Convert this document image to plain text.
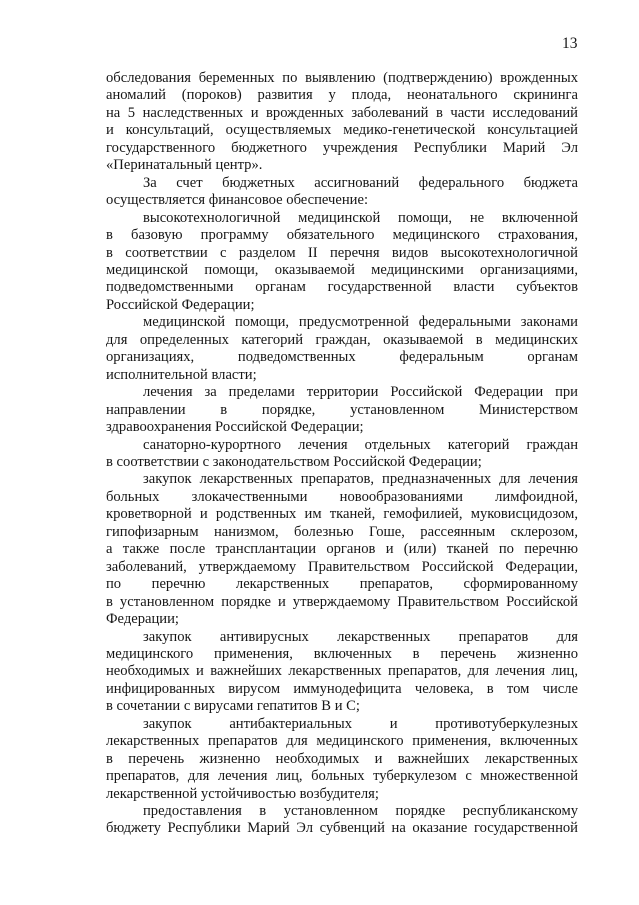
13
обследования беременных по выявлению (подтверждению) врожденных
аномалий (пороков) развития у плода, неонатального скрининга
на 5 наследственных и врожденных заболеваний в части исследований
и консультаций, осуществляемых медико-генетической консультацией
государственного бюджетного учреждения Республики Марий Эл
«Перинатальный центр».
За счет бюджетных ассигнований федерального бюджета
осуществляется финансовое обеспечение:
высокотехнологичной медицинской помощи, не включенной
в базовую программу обязательного медицинского страхования,
в соответствии с разделом II перечня видов высокотехнологичной
медицинской помощи, оказываемой медицинскими организациями,
подведомственными органам государственной власти субъектов
Российской Федерации;
медицинской помощи, предусмотренной федеральными законами
для определенных категорий граждан, оказываемой в медицинских
организациях, подведомственных федеральным органам
исполнительной власти;
лечения за пределами территории Российской Федерации при
направлении в порядке, установленном Министерством
здравоохранения Российской Федерации;
санаторно-курортного лечения отдельных категорий граждан
в соответствии с законодательством Российской Федерации;
закупок лекарственных препаратов, предназначенных для лечения
больных злокачественными новообразованиями лимфоидной,
кроветворной и родственных им тканей, гемофилией, муковисцидозом,
гипофизарным нанизмом, болезнью Гоше, рассеянным склерозом,
а также после трансплантации органов и (или) тканей по перечню
заболеваний, утверждаемому Правительством Российской Федерации,
по перечню лекарственных препаратов, сформированному
в установленном порядке и утверждаемому Правительством Российской
Федерации;
закупок антивирусных лекарственных препаратов для
медицинского применения, включенных в перечень жизненно
необходимых и важнейших лекарственных препаратов, для лечения лиц,
инфицированных вирусом иммунодефицита человека, в том числе
в сочетании с вирусами гепатитов В и С;
закупок антибактериальных и противотуберкулезных
лекарственных препаратов для медицинского применения, включенных
в перечень жизненно необходимых и важнейших лекарственных
препаратов, для лечения лиц, больных туберкулезом с множественной
лекарственной устойчивостью возбудителя;
предоставления в установленном порядке республиканскому
бюджету Республики Марий Эл субвенций на оказание государственной
